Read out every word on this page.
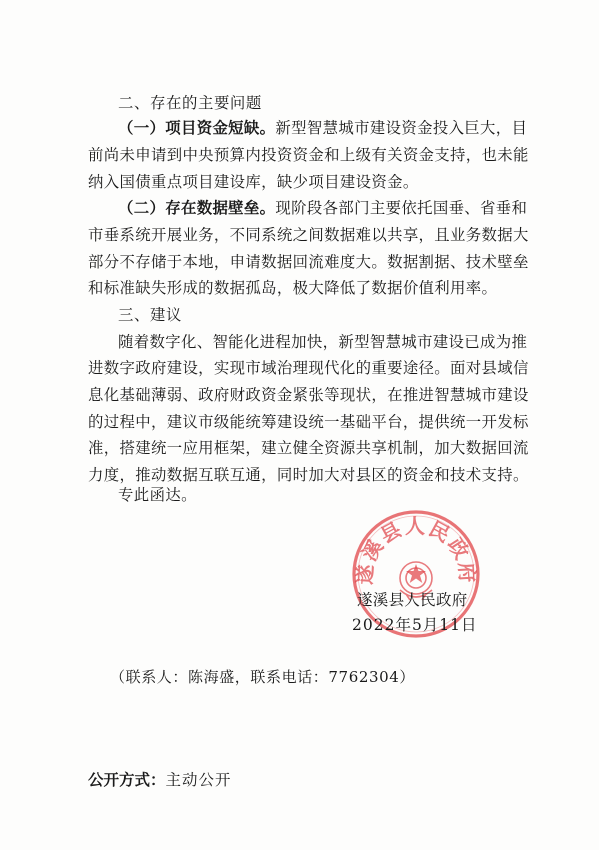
二、存在的主要问题
（一）项目资金短缺。新型智慧城市建设资金投入巨大，目
前尚未申请到中央预算内投资资金和上级有关资金支持，也未能
纳入国债重点项目建设库，缺少项目建设资金。
（二）存在数据壁垒。现阶段各部门主要依托国垂、省垂和
市垂系统开展业务，不同系统之间数据难以共享，且业务数据大
部分不存储于本地，申请数据回流难度大。数据割据、技术壁垒
和标准缺失形成的数据孤岛，极大降低了数据价值利用率。
三、建议
随着数字化、智能化进程加快，新型智慧城市建设已成为推
进数字政府建设，实现市域治理现代化的重要途径。面对县域信
息化基础薄弱、政府财政资金紧张等现状，在推进智慧城市建设
的过程中，建议市级能统筹建设统一基础平台，提供统一开发标
准，搭建统一应用框架，建立健全资源共享机制，加大数据回流
力度，推动数据互联互通，同时加大对县区的资金和技术支持。
专此函达。
遂溪县人民政府
遂溪县人民政府
2022年5月11日
（联系人：陈海盛，联系电话：7762304）
公开方式：主动公开
